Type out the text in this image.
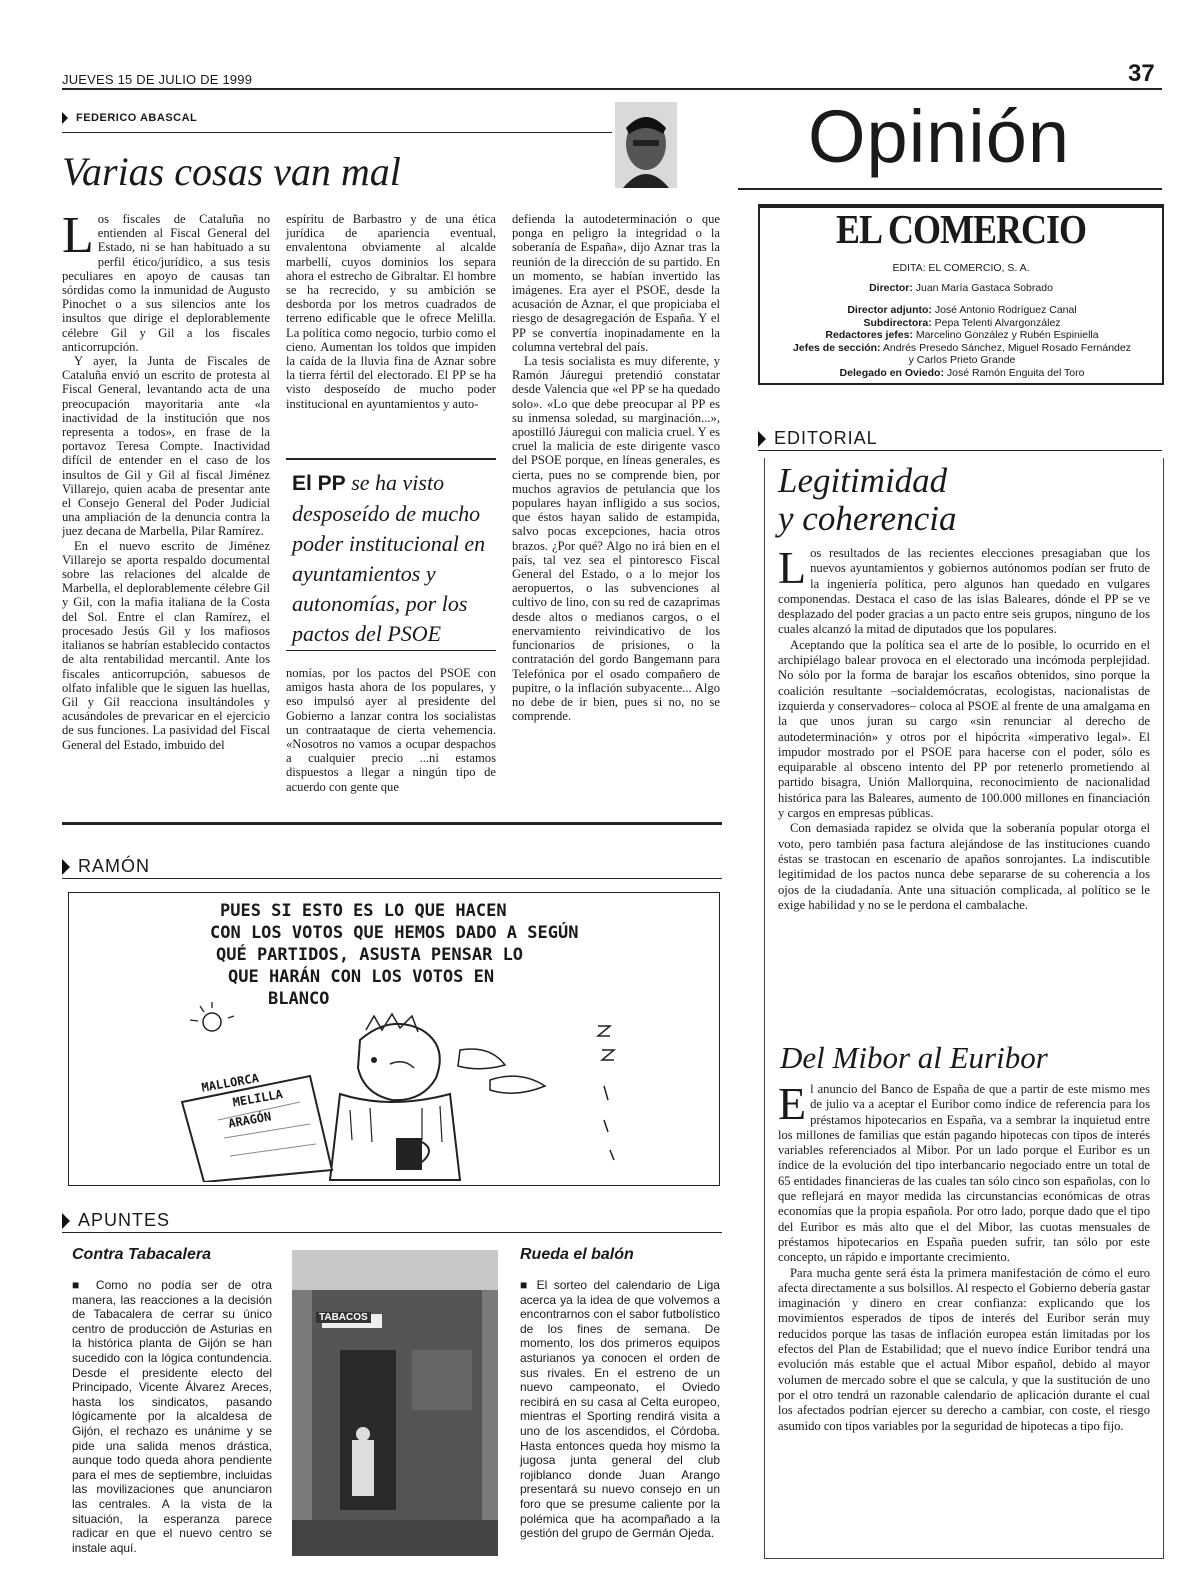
JUEVES 15 DE JULIO DE 1999	37
Opinión
FEDERICO ABASCAL
Varias cosas van mal

Los fiscales de Cataluña no entienden al Fiscal General del Estado, ni se han habituado a su perfil ético/jurídico, a sus tesis peculiares en apoyo de causas tan sórdidas como la inmunidad de Augusto Pinochet o a sus silencios ante los insultos que dirige el deplorablemente célebre Gil y Gil a los fiscales anticorrupción.

Y ayer, la Junta de Fiscales de Cataluña envió un escrito de protesta al Fiscal General, levantando acta de una preocupación mayoritaria ante «la inactividad de la institución que nos representa a todos», en frase de la portavoz Teresa Compte. Inactividad difícil de entender en el caso de los insultos de Gil y Gil al fiscal Jiménez Villarejo, quien acaba de presentar ante el Consejo General del Poder Judicial una ampliación de la denuncia contra la juez decana de Marbella, Pilar Ramírez.

En el nuevo escrito de Jiménez Villarejo se aporta respaldo documental sobre las relaciones del alcalde de Marbella, el deplorablemente célebre Gil y Gil, con la mafia italiana de la Costa del Sol. Entre el clan Ramírez, el procesado Jesús Gil y los mafiosos italianos se habrían establecido contactos de alta rentabilidad mercantil. Ante los fiscales anticorrupción, sabuesos de olfato infalible que le siguen las huellas, Gil y Gil reacciona insultándoles y acusándoles de prevaricar en el ejercicio de sus funciones. La pasividad del Fiscal General del Estado, imbuido del

espíritu de Barbastro y de una ética jurídica de apariencia eventual, envalentona obviamente al alcalde marbellí, cuyos dominios los separa ahora el estrecho de Gibraltar. El hombre se ha recrecido, y su ambición se desborda por los metros cuadrados de terreno edificable que le ofrece Melilla. La política como negocio, turbio como el cieno. Aumentan los toldos que impiden la caída de la lluvia fina de Aznar sobre la tierra fértil del electorado. El PP se ha visto desposeído de mucho poder institucional en ayuntamientos y auto-

El PP se ha visto desposeído de mucho poder institucional en ayuntamientos y autonomías, por los pactos del PSOE

nomías, por los pactos del PSOE con amigos hasta ahora de los populares, y eso impulsó ayer al presidente del Gobierno a lanzar contra los socialistas un contraataque de cierta vehemencia. «Nosotros no vamos a ocupar despachos a cualquier precio ...ni estamos dispuestos a llegar a ningún tipo de acuerdo con gente que

defienda la autodeterminación o que ponga en peligro la integridad o la soberanía de España», dijo Aznar tras la reunión de la dirección de su partido. En un momento, se habían invertido las imágenes. Era ayer el PSOE, desde la acusación de Aznar, el que propiciaba el riesgo de desagregación de España. Y el PP se convertía inopinadamente en la columna vertebral del país.

La tesis socialista es muy diferente, y Ramón Jáuregui pretendió constatar desde Valencia que «el PP se ha quedado solo». «Lo que debe preocupar al PP es su inmensa soledad, su marginación...», apostilló Jáuregui con malicia cruel. Y es cruel la malicia de este dirigente vasco del PSOE porque, en líneas generales, es cierta, pues no se comprende bien, por muchos agravios de petulancia que los populares hayan infligido a sus socios, que éstos hayan salido de estampida, salvo pocas excepciones, hacia otros brazos. ¿Por qué? Algo no irá bien en el país, tal vez sea el pintoresco Fiscal General del Estado, o a lo mejor los aeropuertos, o las subvenciones al cultivo de lino, con su red de cazaprimas desde altos o medianos cargos, o el enervamiento reivindicativo de los funcionarios de prisiones, o la contratación del gordo Bangemann para Telefónica por el osado compañero de pupitre, o la inflación subyacente... Algo no debe de ir bien, pues si no, no se comprende.

EL COMERCIO
EDITA: EL COMERCIO, S. A.
Director: Juan María Gastaca Sobrado
Director adjunto: José Antonio Rodríguez Canal
Subdirectora: Pepa Telenti Alvargonzález
Redactores jefes: Marcelino González y Rubén Espiniella
Jefes de sección: Andrés Presedo Sánchez, Miguel Rosado Fernández y Carlos Prieto Grande
Delegado en Oviedo: José Ramón Enguita del Toro
EDITORIAL
Legitimidad
y coherencia

Los resultados de las recientes elecciones presagiaban que los nuevos ayuntamientos y gobiernos autónomos podían ser fruto de la ingeniería política, pero algunos han quedado en vulgares componendas. Destaca el caso de las islas Baleares, dónde el PP se ve desplazado del poder gracias a un pacto entre seis grupos, ninguno de los cuales alcanzó la mitad de diputados que los populares.

Aceptando que la política sea el arte de lo posible, lo ocurrido en el archipiélago balear provoca en el electorado una incómoda perplejidad. No sólo por la forma de barajar los escaños obtenidos, sino porque la coalición resultante –socialdemócratas, ecologistas, nacionalistas de izquierda y conservadores– coloca al PSOE al frente de una amalgama en la que unos juran su cargo «sin renunciar al derecho de autodeterminación» y otros por el hipócrita «imperativo legal». El impudor mostrado por el PSOE para hacerse con el poder, sólo es equiparable al obsceno intento del PP por retenerlo prometiendo al partido bisagra, Unión Mallorquina, reconocimiento de nacionalidad histórica para las Baleares, aumento de 100.000 millones en financiación y cargos en empresas públicas.

Con demasiada rapidez se olvida que la soberanía popular otorga el voto, pero también pasa factura alejándose de las instituciones cuando éstas se trastocan en escenario de apaños sonrojantes. La indiscutible legitimidad de los pactos nunca debe separarse de su coherencia a los ojos de la ciudadanía. Ante una situación complicada, al político se le exige habilidad y no se le perdona el cambalache.

Del Mibor al Euribor

El anuncio del Banco de España de que a partir de este mismo mes de julio va a aceptar el Euribor como índice de referencia para los préstamos hipotecarios en España, va a sembrar la inquietud entre los millones de familias que están pagando hipotecas con tipos de interés variables referenciados al Mibor. Por un lado porque el Euribor es un índice de la evolución del tipo interbancario negociado entre un total de 65 entidades financieras de las cuales tan sólo cinco son españolas, con lo que reflejará en mayor medida las circunstancias económicas de otras economías que la propia española. Por otro lado, porque dado que el tipo del Euribor es más alto que el del Mibor, las cuotas mensuales de préstamos hipotecarios en España pueden sufrir, tan sólo por este concepto, un rápido e importante crecimiento.

Para mucha gente será ésta la primera manifestación de cómo el euro afecta directamente a sus bolsillos. Al respecto el Gobierno debería gastar imaginación y dinero en crear confianza: explicando que los movimientos esperados de tipos de interés del Euribor serán muy reducidos porque las tasas de inflación europea están limitadas por los efectos del Plan de Estabilidad; que el nuevo índice Euribor tendrá una evolución más estable que el actual Mibor español, debido al mayor volumen de mercado sobre el que se calcula, y que la sustitución de uno por el otro tendrá un razonable calendario de aplicación durante el cual los afectados podrían ejercer su derecho a cambiar, con coste, el riesgo asumido con tipos variables por la seguridad de hipotecas a tipo fijo.

RAMÓN
PUES SI ESTO ES LO QUE HACEN
CON LOS VOTOS QUE HEMOS DADO A SEGÚN
QUÉ PARTIDOS, ASUSTA PENSAR LO
QUE HARÁN CON LOS VOTOS EN
BLANCO
MALLORCA
MELILLA
ARAGÓN
APUNTES
Contra Tabacalera
■ Como no podía ser de otra manera, las reacciones a la decisión de Tabacalera de cerrar su único centro de producción de Asturias en la histórica planta de Gijón se han sucedido con la lógica contundencia. Desde el presidente electo del Principado, Vicente Álvarez Areces, hasta los sindicatos, pasando lógicamente por la alcaldesa de Gijón, el rechazo es unánime y se pide una salida menos drástica, aunque todo queda ahora pendiente para el mes de septiembre, incluidas las movilizaciones que anunciaron las centrales. A la vista de la situación, la esperanza parece radicar en que el nuevo centro se instale aquí.
TABACOS
Rueda el balón
■ El sorteo del calendario de Liga acerca ya la idea de que volvemos a encontrarnos con el sabor futbolístico de los fines de semana. De momento, los dos primeros equipos asturianos ya conocen el orden de sus rivales. En el estreno de un nuevo campeonato, el Oviedo recibirá en su casa al Celta europeo, mientras el Sporting rendirá visita a uno de los ascendidos, el Córdoba. Hasta entonces queda hoy mismo la jugosa junta general del club rojiblanco donde Juan Arango presentará su nuevo consejo en un foro que se presume caliente por la polémica que ha acompañado a la gestión del grupo de Germán Ojeda.
